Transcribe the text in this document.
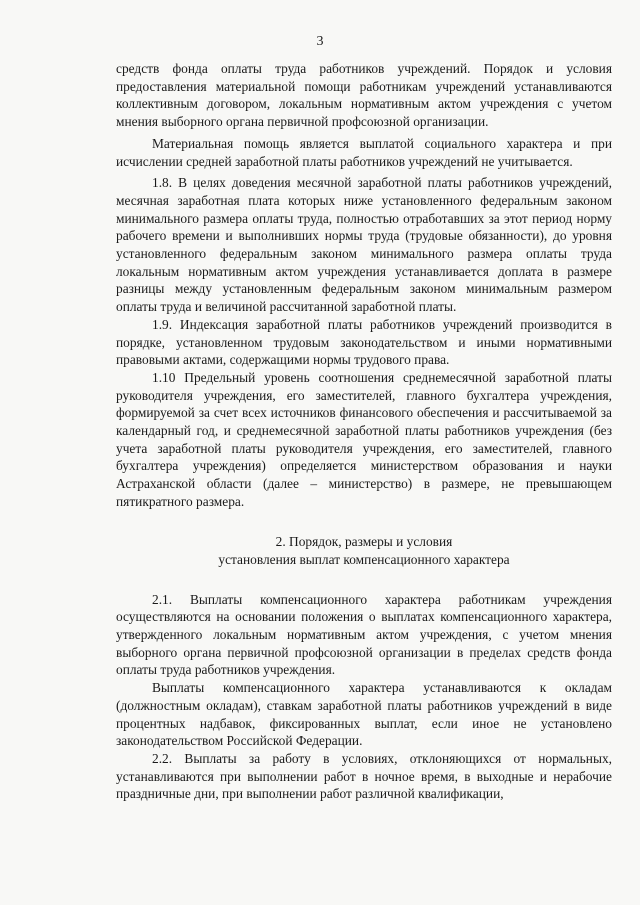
3

средств фонда оплаты труда работников учреждений. Порядок и условия предоставления материальной помощи работникам учреждений устанавливаются коллективным договором, локальным нормативным актом учреждения с учетом мнения выборного органа первичной профсоюзной организации.

Материальная помощь является выплатой социального характера и при исчислении средней заработной платы работников учреждений не учитывается.

1.8. В целях доведения месячной заработной платы работников учреждений, месячная заработная плата которых ниже установленного федеральным законом минимального размера оплаты труда, полностью отработавших за этот период норму рабочего времени и выполнивших нормы труда (трудовые обязанности), до уровня установленного федеральным законом минимального размера оплаты труда локальным нормативным актом учреждения устанавливается доплата в размере разницы между установленным федеральным законом минимальным размером оплаты труда и величиной рассчитанной заработной платы.

1.9. Индексация заработной платы работников учреждений производится в порядке, установленном трудовым законодательством и иными нормативными правовыми актами, содержащими нормы трудового права.

1.10 Предельный уровень соотношения среднемесячной заработной платы руководителя учреждения, его заместителей, главного бухгалтера учреждения, формируемой за счет всех источников финансового обеспечения и рассчитываемой за календарный год, и среднемесячной заработной платы работников учреждения (без учета заработной платы руководителя учреждения, его заместителей, главного бухгалтера учреждения) определяется министерством образования и науки Астраханской области (далее – министерство) в размере, не превышающем пятикратного размера.

2. Порядок, размеры и условия
установления выплат компенсационного характера

2.1. Выплаты компенсационного характера работникам учреждения осуществляются на основании положения о выплатах компенсационного характера, утвержденного локальным нормативным актом учреждения, с учетом мнения выборного органа первичной профсоюзной организации в пределах средств фонда оплаты труда работников учреждения.

Выплаты компенсационного характера устанавливаются к окладам (должностным окладам), ставкам заработной платы работников учреждений в виде процентных надбавок, фиксированных выплат, если иное не установлено законодательством Российской Федерации.

2.2. Выплаты за работу в условиях, отклоняющихся от нормальных, устанавливаются при выполнении работ в ночное время, в выходные и нерабочие праздничные дни, при выполнении работ различной квалификации,
